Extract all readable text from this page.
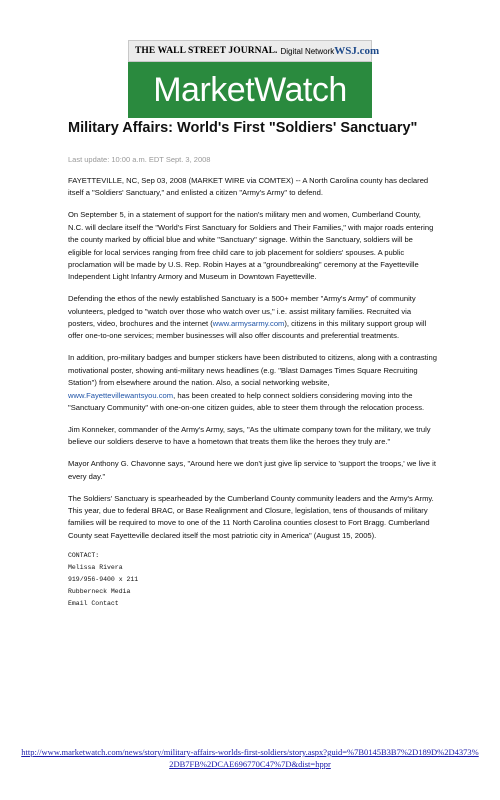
THE WALL STREET JOURNAL. Digital Network WSJ.com
MarketWatch
Military Affairs: World's First "Soldiers' Sanctuary"
Last update: 10:00 a.m. EDT Sept. 3, 2008

FAYETTEVILLE, NC, Sep 03, 2008 (MARKET WIRE via COMTEX) -- A North Carolina county has declared itself a "Soldiers' Sanctuary," and enlisted a citizen "Army's Army" to defend.

On September 5, in a statement of support for the nation's military men and women, Cumberland County, N.C. will declare itself the "World's First Sanctuary for Soldiers and Their Families," with major roads entering the county marked by official blue and white "Sanctuary" signage. Within the Sanctuary, soldiers will be eligible for local services ranging from free child care to job placement for soldiers' spouses. A public proclamation will be made by U.S. Rep. Robin Hayes at a "groundbreaking" ceremony at the Fayetteville Independent Light Infantry Armory and Museum in Downtown Fayetteville.

Defending the ethos of the newly established Sanctuary is a 500+ member "Army's Army" of community volunteers, pledged to "watch over those who watch over us," i.e. assist military families. Recruited via posters, video, brochures and the internet (www.armysarmy.com), citizens in this military support group will offer one-to-one services; member businesses will also offer discounts and preferential treatments.

In addition, pro-military badges and bumper stickers have been distributed to citizens, along with a contrasting motivational poster, showing anti-military news headlines (e.g. "Blast Damages Times Square Recruiting Station") from elsewhere around the nation. Also, a social networking website, www.Fayettevillewantsyou.com, has been created to help connect soldiers considering moving into the "Sanctuary Community" with one-on-one citizen guides, able to steer them through the relocation process.

Jim Konneker, commander of the Army's Army, says, "As the ultimate company town for the military, we truly believe our soldiers deserve to have a hometown that treats them like the heroes they truly are."

Mayor Anthony G. Chavonne says, "Around here we don't just give lip service to 'support the troops,' we live it every day."

The Soldiers' Sanctuary is spearheaded by the Cumberland County community leaders and the Army's Army. This year, due to federal BRAC, or Base Realignment and Closure, legislation, tens of thousands of military families will be required to move to one of the 11 North Carolina counties closest to Fort Bragg. Cumberland County seat Fayetteville declared itself the most patriotic city in America" (August 15, 2005).

CONTACT:
Melissa Rivera
919/956-9400 x 211
Rubberneck Media
Email Contact
http://www.marketwatch.com/news/story/military-affairs-worlds-first-soldiers/story.aspx?guid=%7B0145B3B7%2D189D%2D4373%2DB7FB%2DCAE696770C47%7D&dist=hppr
